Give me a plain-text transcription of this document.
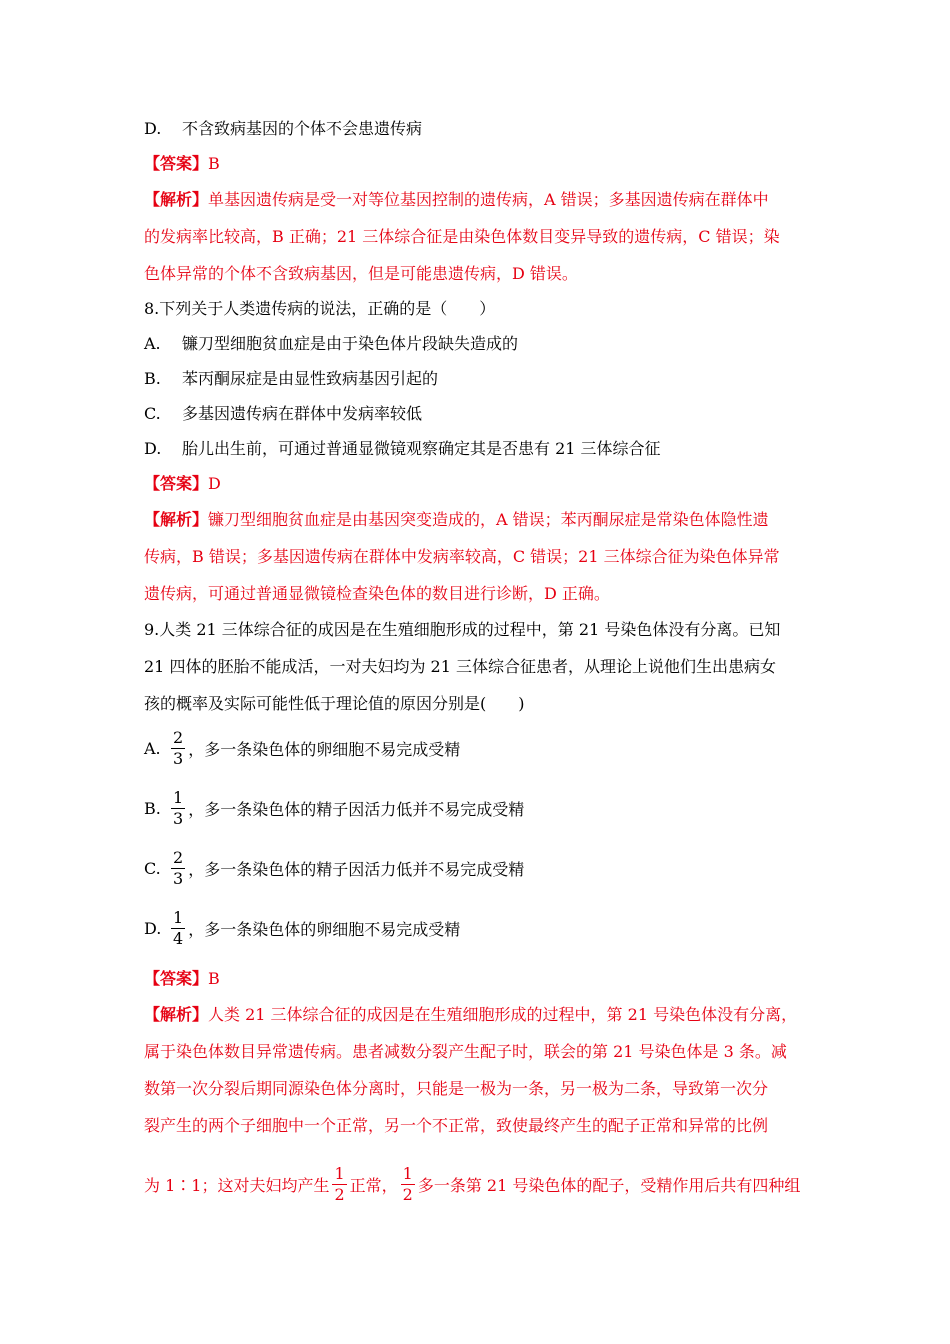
D. 不含致病基因的个体不会患遗传病
【答案】B
【解析】单基因遗传病是受一对等位基因控制的遗传病，A 错误；多基因遗传病在群体中
的发病率比较高，B 正确；21 三体综合征是由染色体数目变异导致的遗传病，C 错误；染
色体异常的个体不含致病基因，但是可能患遗传病，D 错误。
8.下列关于人类遗传病的说法，正确的是（　　）
A. 镰刀型细胞贫血症是由于染色体片段缺失造成的
B. 苯丙酮尿症是由显性致病基因引起的
C. 多基因遗传病在群体中发病率较低
D. 胎儿出生前，可通过普通显微镜观察确定其是否患有 21 三体综合征
【答案】D
【解析】镰刀型细胞贫血症是由基因突变造成的，A 错误；苯丙酮尿症是常染色体隐性遗
传病，B 错误；多基因遗传病在群体中发病率较高，C 错误；21 三体综合征为染色体异常
遗传病，可通过普通显微镜检查染色体的数目进行诊断，D 正确。
9.人类 21 三体综合征的成因是在生殖细胞形成的过程中，第 21 号染色体没有分离。已知
21 四体的胚胎不能成活，一对夫妇均为 21 三体综合征患者，从理论上说他们生出患病女
孩的概率及实际可能性低于理论值的原因分别是(　　)
A. $\frac{2}{3}$ ，多一条染色体的卵细胞不易完成受精
B. $\frac{1}{3}$ ，多一条染色体的精子因活力低并不易完成受精
C. $\frac{2}{3}$ ，多一条染色体的精子因活力低并不易完成受精
D. $\frac{1}{4}$ ，多一条染色体的卵细胞不易完成受精
【答案】B
【解析】人类 21 三体综合征的成因是在生殖细胞形成的过程中，第 21 号染色体没有分离，
属于染色体数目异常遗传病。患者减数分裂产生配子时，联会的第 21 号染色体是 3 条。减
数第一次分裂后期同源染色体分离时，只能是一极为一条，另一极为二条，导致第一次分
裂产生的两个子细胞中一个正常，另一个不正常，致使最终产生的配子正常和异常的比例
为 1∶1；这对夫妇均产生 $\frac{1}{2}$ 正常， $\frac{1}{2}$ 多一条第 21 号染色体的配子，受精作用后共有四种组
